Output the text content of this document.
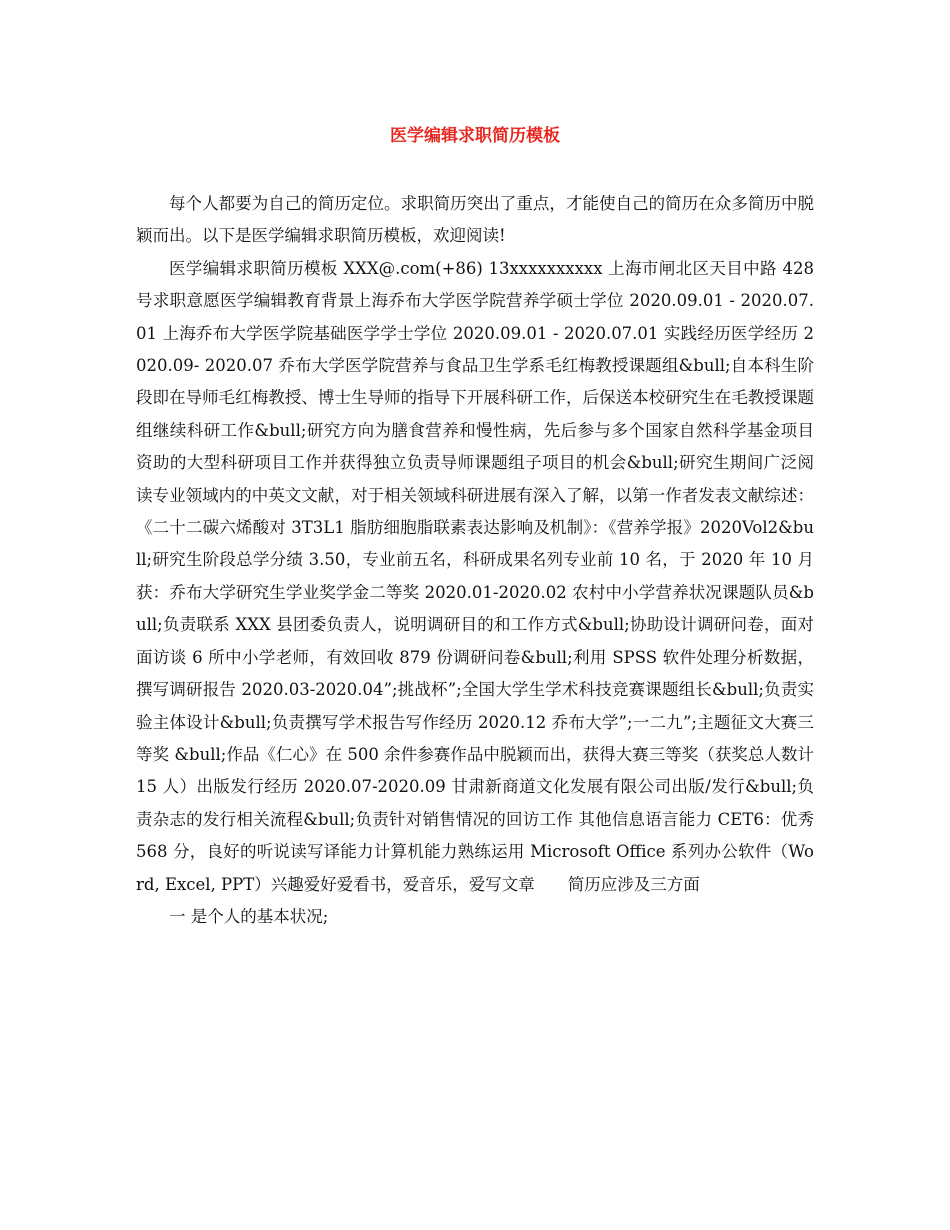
医学编辑求职简历模板

每个人都要为自己的简历定位。求职简历突出了重点，才能使自己的简历在众多简历中脱颖而出。以下是医学编辑求职简历模板，欢迎阅读!

医学编辑求职简历模板 XXX@.com(+86) 13xxxxxxxxxx 上海市闸北区天目中路 428 号求职意愿医学编辑教育背景上海乔布大学医学院营养学硕士学位 2020.09.01 - 2020.07.01 上海乔布大学医学院基础医学学士学位 2020.09.01 - 2020.07.01 实践经历医学经历 2020.09- 2020.07 乔布大学医学院营养与食品卫生学系毛红梅教授课题组&bull;自本科生阶段即在导师毛红梅教授、博士生导师的指导下开展科研工作，后保送本校研究生在毛教授课题组继续科研工作&bull;研究方向为膳食营养和慢性病，先后参与多个国家自然科学基金项目资助的大型科研项目工作并获得独立负责导师课题组子项目的机会&bull;研究生期间广泛阅读专业领域内的中英文文献，对于相关领域科研进展有深入了解，以第一作者发表文献综述：《二十二碳六烯酸对 3T3L1 脂肪细胞脂联素表达影响及机制》：《营养学报》2020Vol2&bull;研究生阶段总学分绩 3.50，专业前五名，科研成果名列专业前 10 名，于 2020 年 10 月获：乔布大学研究生学业奖学金二等奖 2020.01-2020.02 农村中小学营养状况课题队员&bull;负责联系 XXX 县团委负责人，说明调研目的和工作方式&bull;协助设计调研问卷，面对面访谈 6 所中小学老师，有效回收 879 份调研问卷&bull;利用 SPSS 软件处理分析数据，撰写调研报告 2020.03-2020.04”;挑战杯”;全国大学生学术科技竞赛课题组长&bull;负责实验主体设计&bull;负责撰写学术报告写作经历 2020.12 乔布大学”;一二九”;主题征文大赛三等奖 &bull;作品《仁心》在 500 余件参赛作品中脱颖而出，获得大赛三等奖（获奖总人数计 15 人）出版发行经历 2020.07-2020.09 甘肃新商道文化发展有限公司出版/发行&bull;负责杂志的发行相关流程&bull;负责针对销售情况的回访工作 其他信息语言能力 CET6：优秀 568 分，良好的听说读写译能力计算机能力熟练运用 Microsoft Office 系列办公软件（Word, Excel, PPT）兴趣爱好爱看书，爱音乐，爱写文章　　简历应涉及三方面

一 是个人的基本状况;
